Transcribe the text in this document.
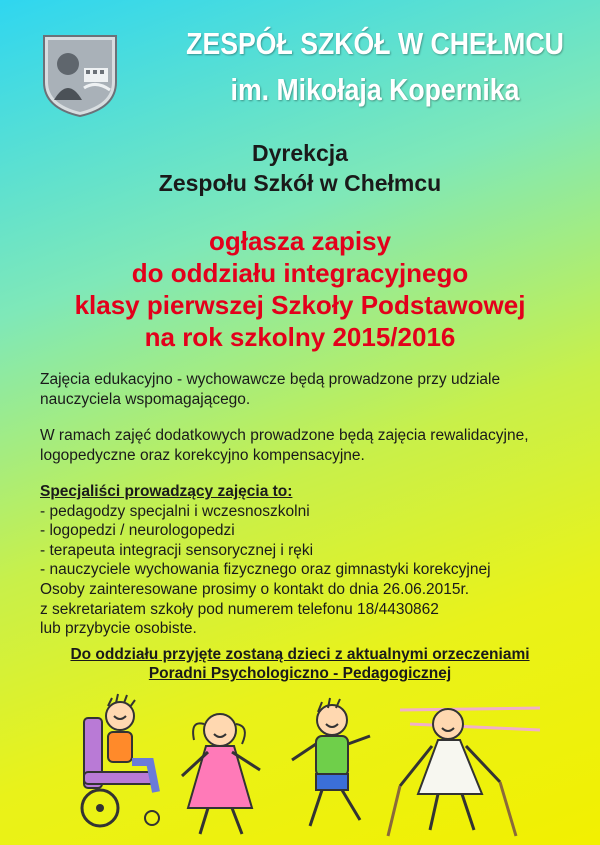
ZESPÓŁ SZKÓŁ W CHEŁMCU
im. Mikołaja Kopernika
Dyrekcja
Zespołu Szkół w Chełmcu
ogłasza zapisy
do oddziału integracyjnego
klasy pierwszej Szkoły Podstawowej
na rok szkolny 2015/2016
Zajęcia edukacyjno - wychowawcze będą prowadzone przy udziale
nauczyciela wspomagającego.
W ramach zajęć dodatkowych prowadzone będą zajęcia rewalidacyjne,
logopedyczne oraz korekcyjno kompensacyjne.
Specjaliści prowadzący zajęcia to:
- pedagodzy specjalni i wczesnoszkolni
- logopedzi / neurologopedzi
- terapeuta integracji sensorycznej i ręki
- nauczyciele wychowania fizycznego oraz gimnastyki korekcyjnej
Osoby zainteresowane prosimy o kontakt do dnia 26.06.2015r.
z sekretariatem szkoły pod numerem telefonu 18/4430862
lub przybycie osobiste.
Do oddziału przyjęte zostaną dzieci z aktualnymi orzeczeniami
Poradni Psychologiczno - Pedagogicznej
